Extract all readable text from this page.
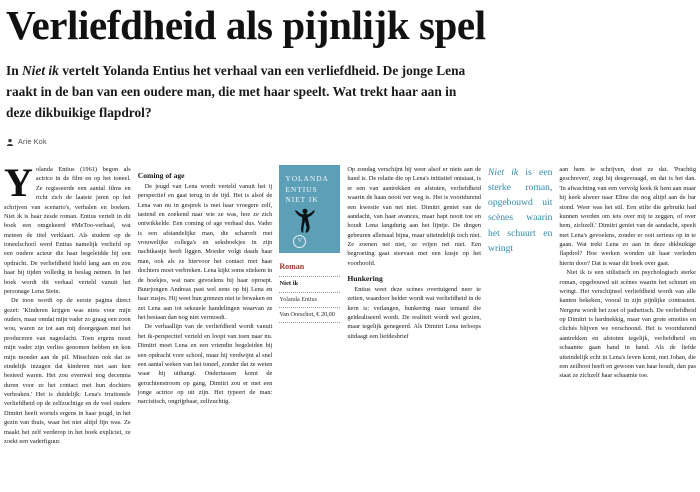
Verliefdheid als pijnlijk spel

In Niet ik vertelt Yolanda Entius het verhaal van een verliefdheid. De jonge Lena raakt in de ban van een oudere man, die met haar speelt. Wat trekt haar aan in deze dikbuikige flapdrol?

Arie Kok

Yolanda Entius (1961) begon als actrice in de film en op het toneel. Ze regisseerde een aantal films en richt zich de laatste jaren op het schrijven van scenario's, verhalen en boeken. Niet ik is haar zesde roman. Entius vertelt in dit boek een omgekeerd #MeToo-verhaal, wat meteen de titel verklaart. Als student op de toneelschool werd Entius namelijk verliefd op een oudere acteur die haar begeleidde bij een opdracht. De verliefdheid hield lang aan en zou haar bij tijden volledig in beslag nemen. In het boek wordt dit verhaal verteld vanuit het personage Lena Stein.

De toon wordt op de eerste pagina direct gezet: 'Kinderen krijgen was niets voor mijn ouders, maar omdat mijn vader zo graag een zoon wou, waren ze tot aan mij doorgegaan met het produceren van nageslacht. Toen ergens moet mijn vader zijn verlies genomen hebben en kon mijn moeder aan de pil. Misschien ook dat ze eindelijk inzagen dat kinderen niet aan hen besteed waren. Het zou evenwel nog decennia duren voor ze het contact met hun dochters verbraken.' Het is duidelijk: Lena's irrationele verliefdheid op de zelfzuchtige en de veel oudere Dimitri heeft wortels ergens in haar jeugd, in het gezin van thuis, waar het niet altijd fijn was. Ze maakt het zelf verderop in het boek expliciet, ze zoekt een vaderfiguur.

Coming of age

De jeugd van Lena wordt verteld vanuit het ij perspectief en gaat terug in de tijd. Het is alsof de Lena van nu in gesprek is met haar vroegere zelf, tastend en zoekend naar wie ze was, hoe ze zich ontwikkelde. Een coming of age verhaal dus. Vader is een afstandelijke man, die scharrelt met vrouwelijke collega's en seksboekjes in zijn nachtkastje heeft liggen. Moeder volgt daads haar man, ook als ze hiervoor het contact met haar dochters moet verbreken. Lena kijkt soms stiekem in de boekjes, wat nare gevoelens bij haar oproept. Buurjongen Andreas past wel eens op bij Lena en haar zusjes. Hij weet hun grenzen niet te bewaken en zet Lena aan tot seksuele handelingen waarvan ze het bestaan dan nog niet vermoedt.

De verhaallijn van de verliefdheid wordt vanuit het ik-perspectief verteld en loopt van toen naar nu. Dimitri moet Lena en een vriendin begeleiden bij een opdracht voor school, maar hij verdwijnt al snel een aantal weken van het toneel, zonder dat ze weten waar hij uithangt. Ondertussen komt de geruchtenstroom op gang, Dimitri zou er met een jonge actrice op uit zijn. Het typeert de man: narcistisch, ongrijpbaar, zelfzuchtig.

YOLANDA
ENTIUS
NIET IK
V
Roman
Niet ik
Yolanda Entius
Van Oorschot, € 20,00

Op zondag verschijnt hij weer alsof er niets aan de hand is. De relatie die op Lena's initiatief ontstaat, is er een van aantrekken en afstoten, verliefdheid waarin de haan nooit ver weg is. Het is voortdurend een kwestie van net niet. Dimitri geniet van de aandacht, van haar avances, maar hapt nooit toe en houdt Lena langdurig aan het lijntje. De dingen gebeuren allemaal bijna, maar uiteindelijk toch niet. Ze zoenen net niet, ze vrijen net niet. Een begroeting gaat steevast met een kusje op het voorhoofd.

Hunkering

Entius weet deze scènes overtuigend neer te zetten, waardoor helder wordt wat verliefdheid in de kern is: verlangen, hunkering naar iemand die geïdealiseerd wordt. De realiteit wordt wel gezien, maar tegelijk genegeerd. Als Dimitri Lena terloops uitdaagt een liefdesbrief

Niet ik is een sterke roman, opgebouwd uit scènes waarin het schuurt en wringt

aan hem te schrijven, doet ze dat. 'Prachtig geschreven', zegt hij desgevraagd, en dat is het dan. 'In afwachting van een vervolg keek ik hem aan maar hij keek alweer naar Eline die nog altijd aan de bar stond. Weer was het stil. Een stilte die gebruikt had kunnen worden om iets over mij te zeggen, of over hem, zichzelf.' Dimitri geniet van de aandacht, speelt met Lena's gevoelens, zonder er ooit serieus op in te gaan. Wat trekt Lena zo aan in deze dikbuikige flapdrol? Hoe werken wonden uit haar verleden hierin door? Dat is waar dit boek over gaat.

Niet ik is een stilistisch en psychologisch sterke roman, opgebouwd uit scènes waarin het schuurt en wringt. Het verschijnsel verliefdheid wordt van alle kanten bekeken, vooral in zijn pijnlijke contrasten. Nergens wordt het zoet of pathetisch. De verliefdheid op Dimitri is hardnekkig, maar van grote emoties en clichés blijven we verschoond. Het is voortdurend aantrekken en afstoten tegelijk, verliefdheid en schaamte gaan hand in hand. Als de liefde uiteindelijk echt in Lena's leven komt, met Johan, die een zeilboot heeft en gewoon van haar houdt, dan pas staat ze zichzelf haar schaamte toe.
